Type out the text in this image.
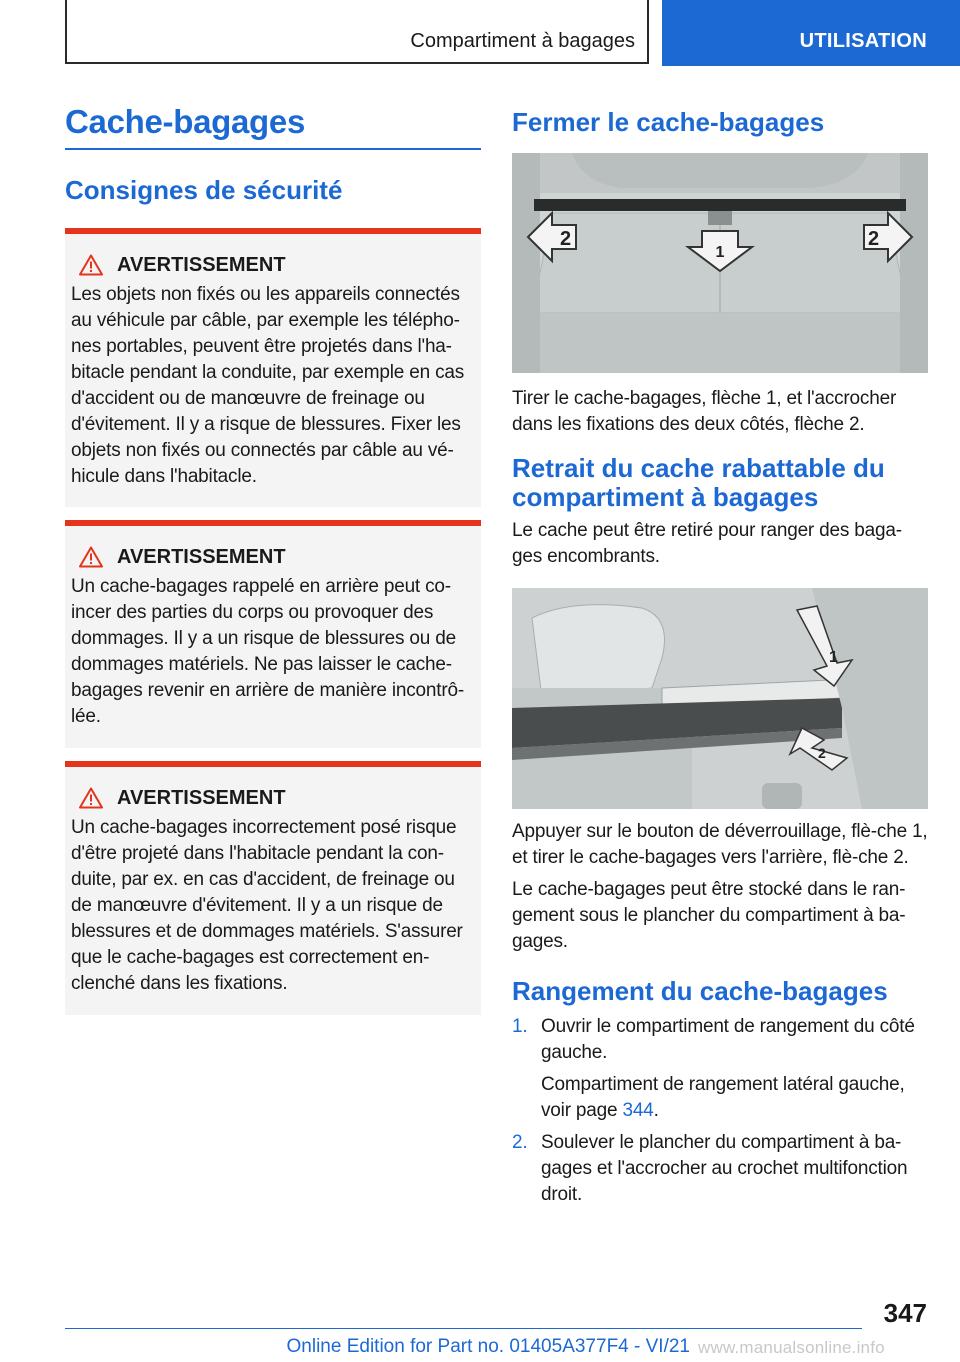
Compartiment à bagages	UTILISATION
Cache-bagages
Consignes de sécurité
AVERTISSEMENT

Les objets non fixés ou les appareils connectés au véhicule par câble, par exemple les télépho-nes portables, peuvent être projetés dans l'ha-bitacle pendant la conduite, par exemple en cas d'accident ou de manœuvre de freinage ou d'évitement. Il y a risque de blessures. Fixer les objets non fixés ou connectés par câble au vé-hicule dans l'habitacle.

AVERTISSEMENT

Un cache-bagages rappelé en arrière peut co-incer des parties du corps ou provoquer des dommages. Il y a un risque de blessures ou de dommages matériels. Ne pas laisser le cache-bagages revenir en arrière de manière incontrô-lée.

AVERTISSEMENT

Un cache-bagages incorrectement posé risque d'être projeté dans l'habitacle pendant la con-duite, par ex. en cas d'accident, de freinage ou de manœuvre d'évitement. Il y a un risque de blessures et de dommages matériels. S'assurer que le cache-bagages est correctement en-clenché dans les fixations.

Fermer le cache-bagages
2
1
2

Tirer le cache-bagages, flèche 1, et l'accrocher dans les fixations des deux côtés, flèche 2.

Retrait du cache rabattable du compartiment à bagages

Le cache peut être retiré pour ranger des baga-ges encombrants.

1
2

Appuyer sur le bouton de déverrouillage, flè-che 1, et tirer le cache-bagages vers l'arrière, flè-che 2.

Le cache-bagages peut être stocké dans le ran-gement sous le plancher du compartiment à ba-gages.

Rangement du cache-bagages
1. Ouvrir le compartiment de rangement du côté gauche.

Compartiment de rangement latéral gauche, voir page 344.

2. Soulever le plancher du compartiment à ba-gages et l'accrocher au crochet multifonction droit.

347
Online Edition for Part no. 01405A377F4 - VI/21 www.manualsonline.info
